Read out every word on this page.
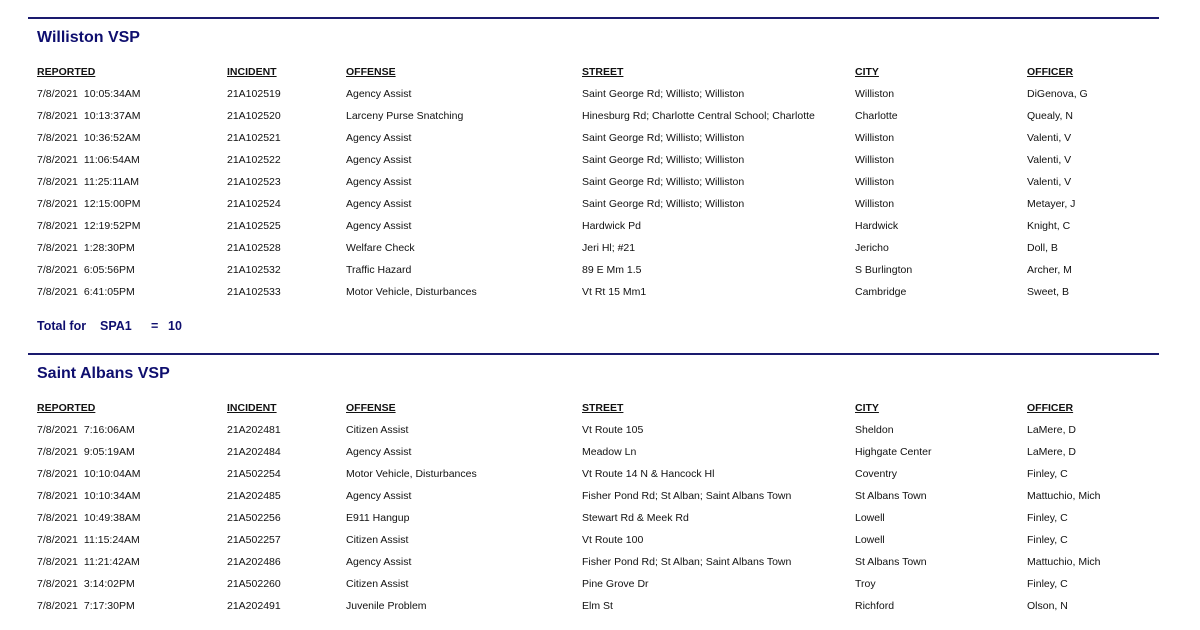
Williston VSP
REPORTED	INCIDENT	OFFENSE	STREET	CITY	OFFICER
7/8/2021 10:05:34AM	21A102519	Agency Assist	Saint George Rd; Willisto; Williston	Williston	DiGenova, G
7/8/2021 10:13:37AM	21A102520	Larceny Purse Snatching	Hinesburg Rd; Charlotte Central School; Charlotte	Charlotte	Quealy, N
7/8/2021 10:36:52AM	21A102521	Agency Assist	Saint George Rd; Willisto; Williston	Williston	Valenti, V
7/8/2021 11:06:54AM	21A102522	Agency Assist	Saint George Rd; Willisto; Williston	Williston	Valenti, V
7/8/2021 11:25:11AM	21A102523	Agency Assist	Saint George Rd; Willisto; Williston	Williston	Valenti, V
7/8/2021 12:15:00PM	21A102524	Agency Assist	Saint George Rd; Willisto; Williston	Williston	Metayer, J
7/8/2021 12:19:52PM	21A102525	Agency Assist	Hardwick Pd	Hardwick	Knight, C
7/8/2021 1:28:30PM	21A102528	Welfare Check	Jeri Hl; #21	Jericho	Doll, B
7/8/2021 6:05:56PM	21A102532	Traffic Hazard	89 E Mm 1.5	S Burlington	Archer, M
7/8/2021 6:41:05PM	21A102533	Motor Vehicle, Disturbances	Vt Rt 15 Mm1	Cambridge	Sweet, B
Total for SPA1 = 10
Saint Albans VSP
REPORTED	INCIDENT	OFFENSE	STREET	CITY	OFFICER
7/8/2021 7:16:06AM	21A202481	Citizen Assist	Vt Route 105	Sheldon	LaMere, D
7/8/2021 9:05:19AM	21A202484	Agency Assist	Meadow Ln	Highgate Center	LaMere, D
7/8/2021 10:10:04AM	21A502254	Motor Vehicle, Disturbances	Vt Route 14 N & Hancock Hl	Coventry	Finley, C
7/8/2021 10:10:34AM	21A202485	Agency Assist	Fisher Pond Rd; St Alban; Saint Albans Town	St Albans Town	Mattuchio, Mich
7/8/2021 10:49:38AM	21A502256	E911 Hangup	Stewart Rd & Meek Rd	Lowell	Finley, C
7/8/2021 11:15:24AM	21A502257	Citizen Assist	Vt Route 100	Lowell	Finley, C
7/8/2021 11:21:42AM	21A202486	Agency Assist	Fisher Pond Rd; St Alban; Saint Albans Town	St Albans Town	Mattuchio, Mich
7/8/2021 3:14:02PM	21A502260	Citizen Assist	Pine Grove Dr	Troy	Finley, C
7/8/2021 7:17:30PM	21A202491	Juvenile Problem	Elm St	Richford	Olson, N
